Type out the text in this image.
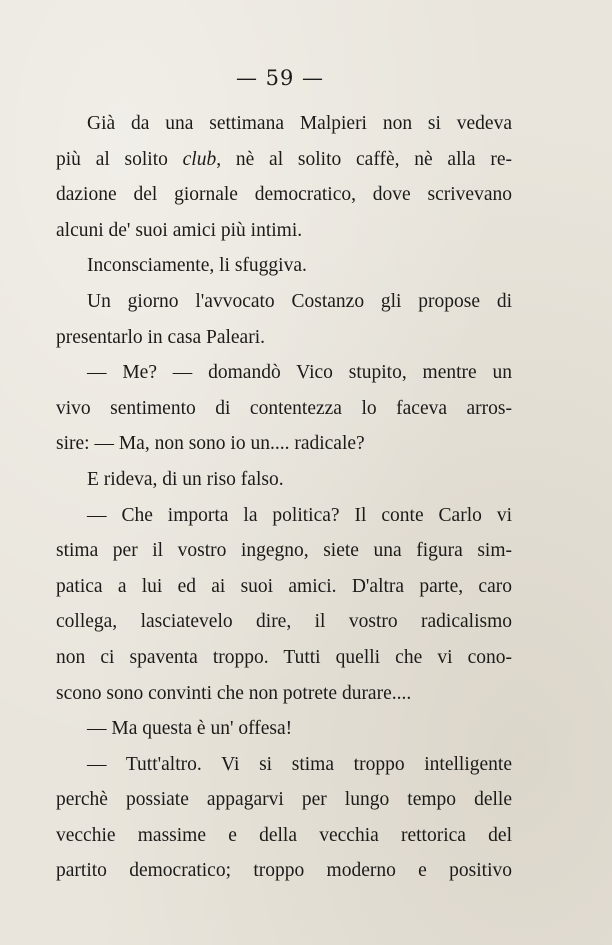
— 59 —
Già da una settimana Malpieri non si vedeva
più al solito club, nè al solito caffè, nè alla re-
dazione del giornale democratico, dove scrivevano
alcuni de' suoi amici più intimi.
Inconsciamente, li sfuggiva.
Un giorno l'avvocato Costanzo gli propose di
presentarlo in casa Paleari.
— Me? — domandò Vico stupito, mentre un
vivo sentimento di contentezza lo faceva arros-
sire: — Ma, non sono io un.... radicale?
E rideva, di un riso falso.
— Che importa la politica? Il conte Carlo vi
stima per il vostro ingegno, siete una figura sim-
patica a lui ed ai suoi amici. D'altra parte, caro
collega, lasciatevelo dire, il vostro radicalismo
non ci spaventa troppo. Tutti quelli che vi cono-
scono sono convinti che non potrete durare....
— Ma questa è un' offesa!
— Tutt'altro. Vi si stima troppo intelligente
perchè possiate appagarvi per lungo tempo delle
vecchie massime e della vecchia rettorica del
partito democratico; troppo moderno e positivo
